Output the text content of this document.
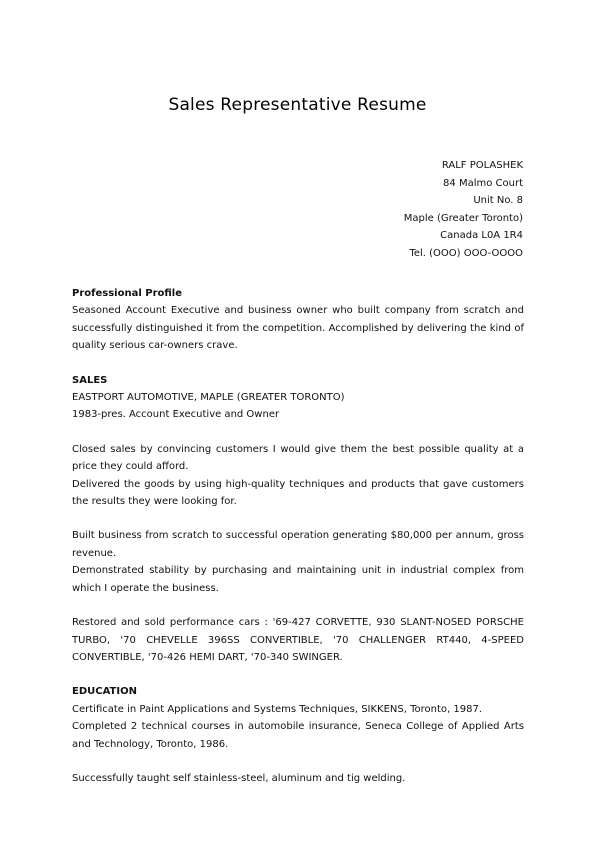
Sales Representative Resume
RALF POLASHEK
84 Malmo Court
Unit No. 8
Maple (Greater Toronto)
Canada L0A 1R4
Tel. (OOO) OOO-OOOO
Professional Profile

Seasoned Account Executive and business owner who built company from scratch and successfully distinguished it from the competition. Accomplished by delivering the kind of quality serious car-owners crave.

SALES
EASTPORT AUTOMOTIVE, MAPLE (GREATER TORONTO)
1983-pres. Account Executive and Owner

Closed sales by convincing customers I would give them the best possible quality at a price they could afford.

Delivered the goods by using high-quality techniques and products that gave customers the results they were looking for.

Built business from scratch to successful operation generating $80,000 per annum, gross revenue.

Demonstrated stability by purchasing and maintaining unit in industrial complex from which I operate the business.

Restored and sold performance cars : '69-427 CORVETTE, 930 SLANT-NOSED PORSCHE TURBO, '70 CHEVELLE 396SS CONVERTIBLE, '70 CHALLENGER RT440, 4-SPEED CONVERTIBLE, '70-426 HEMI DART, '70-340 SWINGER.

EDUCATION

Certificate in Paint Applications and Systems Techniques, SIKKENS, Toronto, 1987.

Completed 2 technical courses in automobile insurance, Seneca College of Applied Arts and Technology, Toronto, 1986.

Successfully taught self stainless-steel, aluminum and tig welding.
